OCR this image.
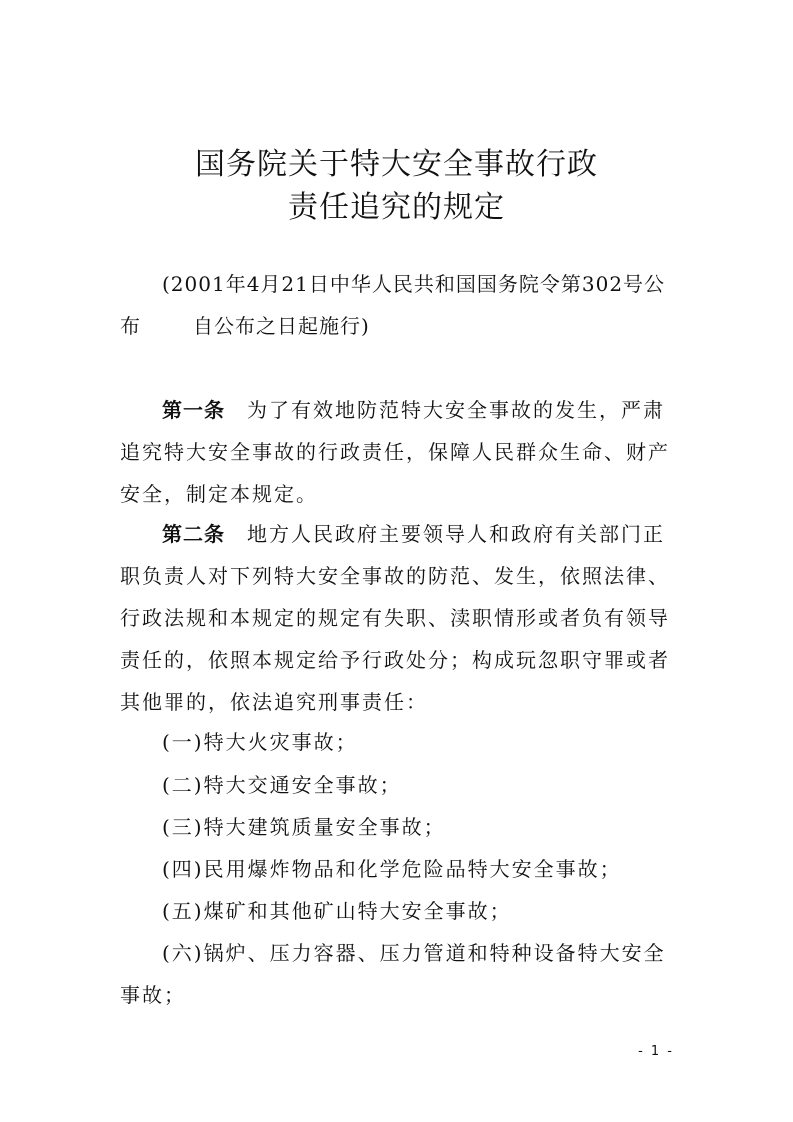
国务院关于特大安全事故行政
责任追究的规定
(2001年4月21日中华人民共和国国务院令第302号公
布	自公布之日起施行)
第一条 为了有效地防范特大安全事故的发生，严肃追究特大安全事故的行政责任，保障人民群众生命、财产安全，制定本规定。
第二条 地方人民政府主要领导人和政府有关部门正职负责人对下列特大安全事故的防范、发生，依照法律、行政法规和本规定的规定有失职、渎职情形或者负有领导责任的，依照本规定给予行政处分；构成玩忽职守罪或者其他罪的，依法追究刑事责任：
(一)特大火灾事故；
(二)特大交通安全事故；
(三)特大建筑质量安全事故；
(四)民用爆炸物品和化学危险品特大安全事故；
(五)煤矿和其他矿山特大安全事故；
(六)锅炉、压力容器、压力管道和特种设备特大安全事故；
- 1 -
